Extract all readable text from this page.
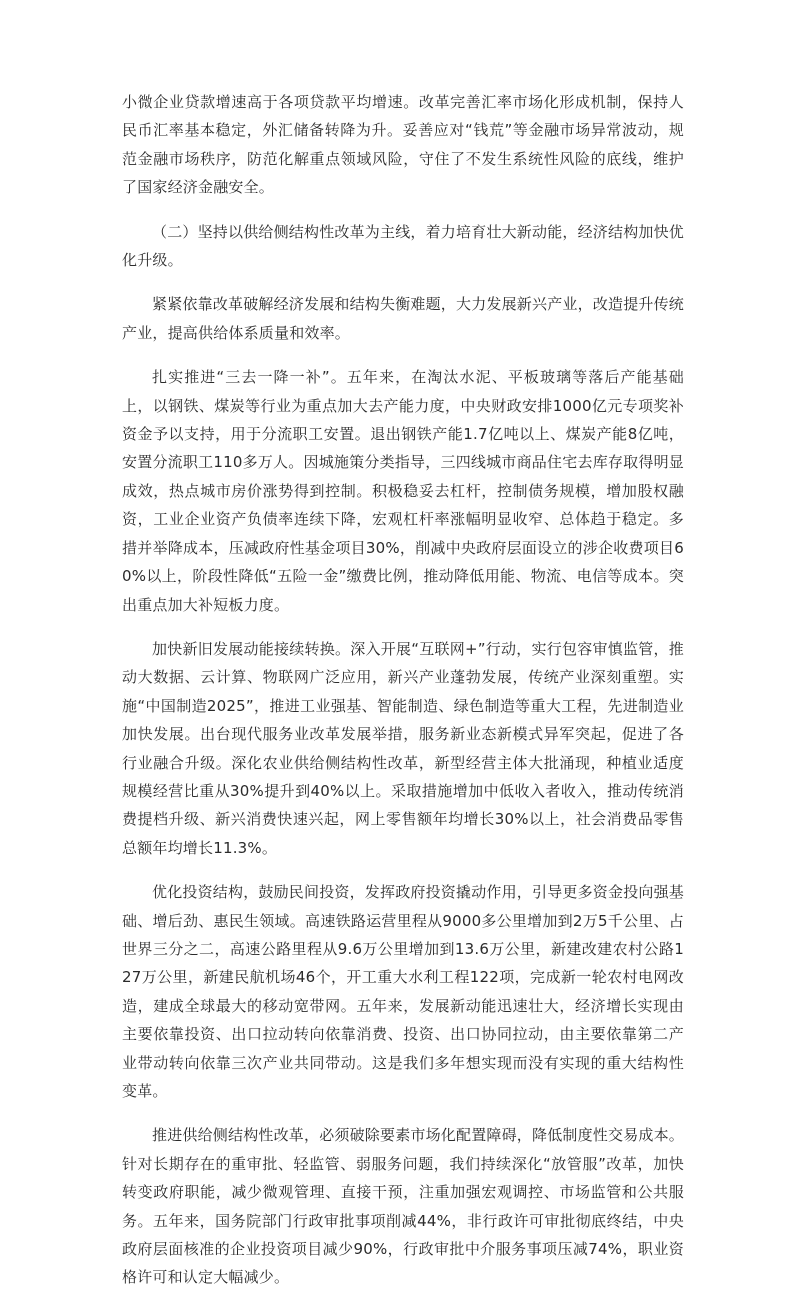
小微企业贷款增速高于各项贷款平均增速。改革完善汇率市场化形成机制，保持人民币汇率基本稳定，外汇储备转降为升。妥善应对“钱荒”等金融市场异常波动，规范金融市场秩序，防范化解重点领域风险，守住了不发生系统性风险的底线，维护了国家经济金融安全。

（二）坚持以供给侧结构性改革为主线，着力培育壮大新动能，经济结构加快优化升级。

紧紧依靠改革破解经济发展和结构失衡难题，大力发展新兴产业，改造提升传统产业，提高供给体系质量和效率。

扎实推进“三去一降一补”。五年来，在淘汰水泥、平板玻璃等落后产能基础上，以钢铁、煤炭等行业为重点加大去产能力度，中央财政安排1000亿元专项奖补资金予以支持，用于分流职工安置。退出钢铁产能1.7亿吨以上、煤炭产能8亿吨，安置分流职工110多万人。因城施策分类指导，三四线城市商品住宅去库存取得明显成效，热点城市房价涨势得到控制。积极稳妥去杠杆，控制债务规模，增加股权融资，工业企业资产负债率连续下降，宏观杠杆率涨幅明显收窄、总体趋于稳定。多措并举降成本，压减政府性基金项目30%，削减中央政府层面设立的涉企收费项目60%以上，阶段性降低“五险一金”缴费比例，推动降低用能、物流、电信等成本。突出重点加大补短板力度。

加快新旧发展动能接续转换。深入开展“互联网+”行动，实行包容审慎监管，推动大数据、云计算、物联网广泛应用，新兴产业蓬勃发展，传统产业深刻重塑。实施“中国制造2025”，推进工业强基、智能制造、绿色制造等重大工程，先进制造业加快发展。出台现代服务业改革发展举措，服务新业态新模式异军突起，促进了各行业融合升级。深化农业供给侧结构性改革，新型经营主体大批涌现，种植业适度规模经营比重从30%提升到40%以上。采取措施增加中低收入者收入，推动传统消费提档升级、新兴消费快速兴起，网上零售额年均增长30%以上，社会消费品零售总额年均增长11.3%。

优化投资结构，鼓励民间投资，发挥政府投资撬动作用，引导更多资金投向强基础、增后劲、惠民生领域。高速铁路运营里程从9000多公里增加到2万5千公里、占世界三分之二，高速公路里程从9.6万公里增加到13.6万公里，新建改建农村公路127万公里，新建民航机场46个，开工重大水利工程122项，完成新一轮农村电网改造，建成全球最大的移动宽带网。五年来，发展新动能迅速壮大，经济增长实现由主要依靠投资、出口拉动转向依靠消费、投资、出口协同拉动，由主要依靠第二产业带动转向依靠三次产业共同带动。这是我们多年想实现而没有实现的重大结构性变革。

推进供给侧结构性改革，必须破除要素市场化配置障碍，降低制度性交易成本。针对长期存在的重审批、轻监管、弱服务问题，我们持续深化“放管服”改革，加快转变政府职能，减少微观管理、直接干预，注重加强宏观调控、市场监管和公共服务。五年来，国务院部门行政审批事项削减44%，非行政许可审批彻底终结，中央政府层面核准的企业投资项目减少90%，行政审批中介服务事项压减74%，职业资格许可和认定大幅减少。
